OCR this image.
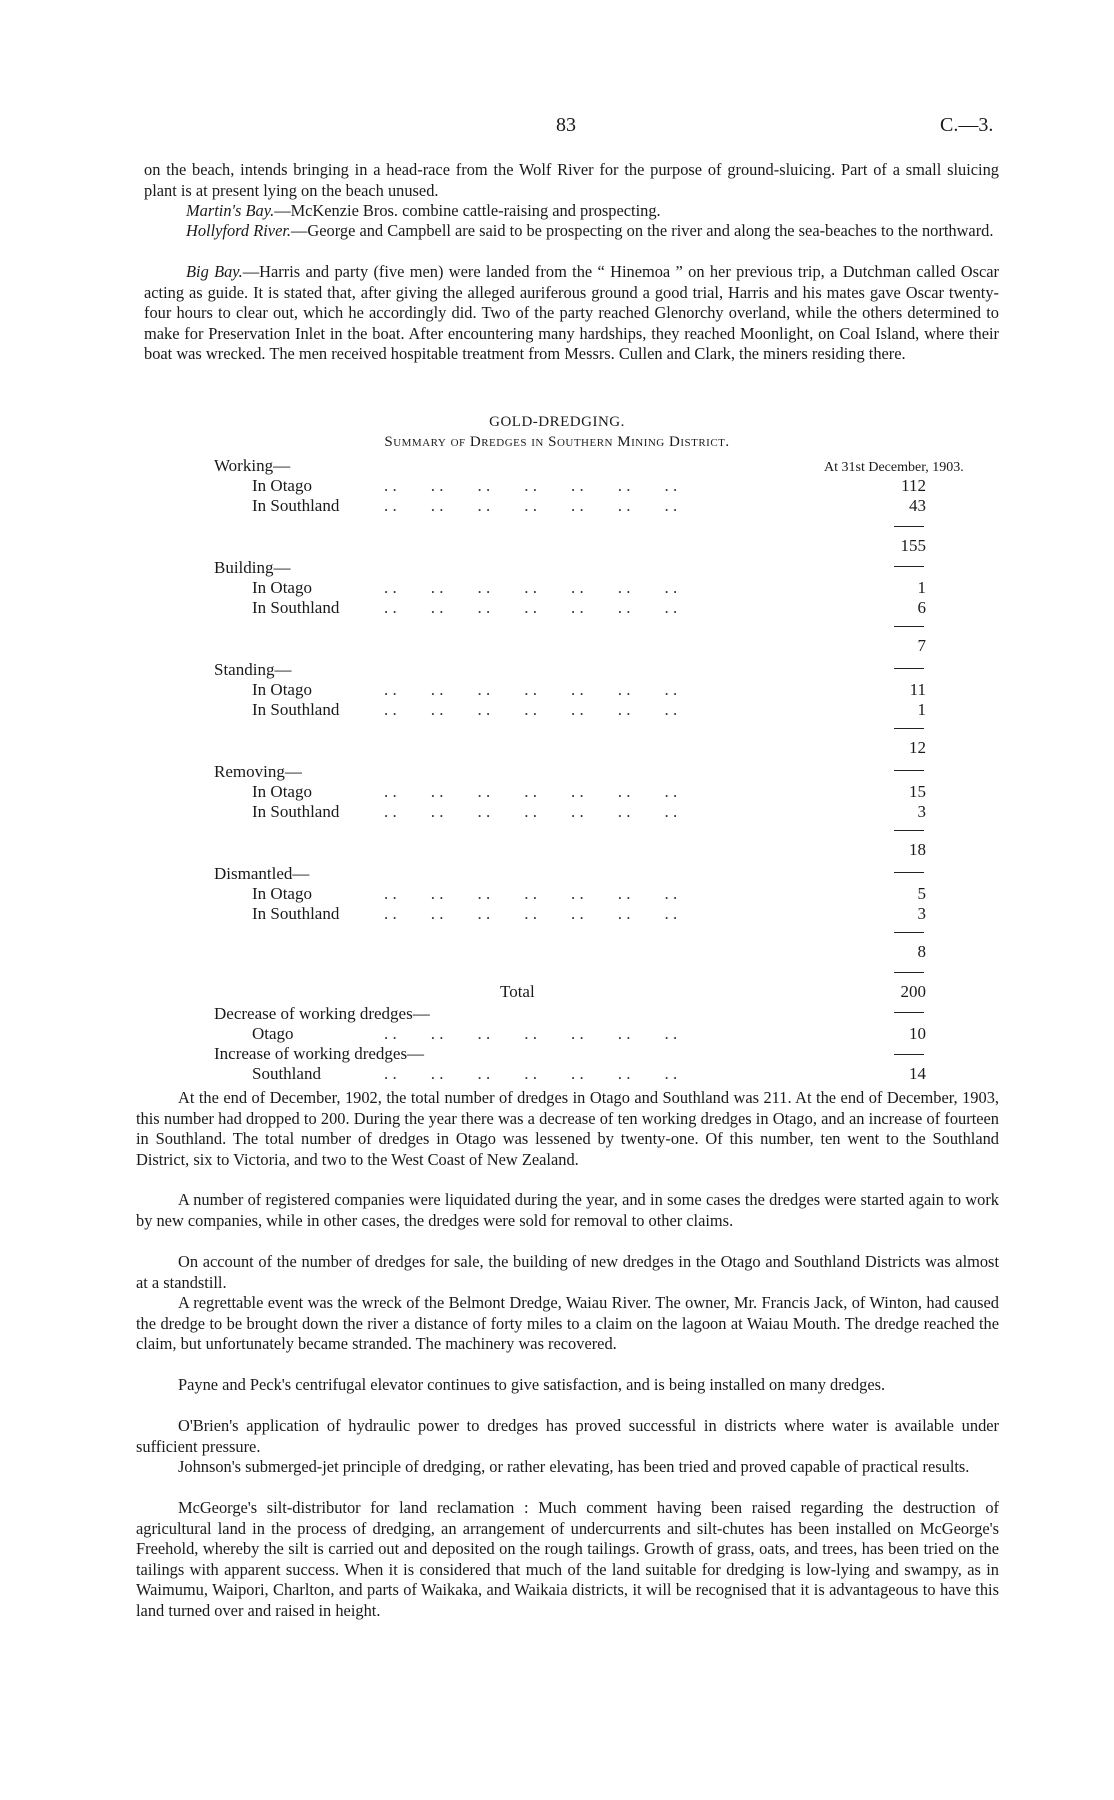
83	C.—3.

on the beach, intends bringing in a head-race from the Wolf River for the purpose of ground-sluicing. Part of a small sluicing plant is at present lying on the beach unused.

Martin's Bay.—McKenzie Bros. combine cattle-raising and prospecting.

Hollyford River.—George and Campbell are said to be prospecting on the river and along the sea-beaches to the northward.

Big Bay.—Harris and party (five men) were landed from the “ Hinemoa ” on her previous trip, a Dutchman called Oscar acting as guide. It is stated that, after giving the alleged auriferous ground a good trial, Harris and his mates gave Oscar twenty-four hours to clear out, which he accordingly did. Two of the party reached Glenorchy overland, while the others determined to make for Preservation Inlet in the boat. After encountering many hardships, they reached Moonlight, on Coal Island, where their boat was wrecked. The men received hospitable treatment from Messrs. Cullen and Clark, the miners residing there.

GOLD-DREDGING.
Summary of Dredges in Southern Mining District.
At 31st December, 1903.
Working—
In Otago	. .        . .        . .        . .        . .        . .        . .	112
In Southland	. .        . .        . .        . .        . .        . .        . .	43
155
Building—
In Otago	. .        . .        . .        . .        . .        . .        . .	1
In Southland	. .        . .        . .        . .        . .        . .        . .	6
7
Standing—
In Otago	. .        . .        . .        . .        . .        . .        . .	11
In Southland	. .        . .        . .        . .        . .        . .        . .	1
12
Removing—
In Otago	. .        . .        . .        . .        . .        . .        . .	15
In Southland	. .        . .        . .        . .        . .        . .        . .	3
18
Dismantled—
In Otago	. .        . .        . .        . .        . .        . .        . .	5
In Southland	. .        . .        . .        . .        . .        . .        . .	3
8
Total	200
Decrease of working dredges—
Otago	. .        . .        . .        . .        . .        . .        . .	10
Increase of working dredges—
Southland	. .        . .        . .        . .        . .        . .        . .	14

At the end of December, 1902, the total number of dredges in Otago and Southland was 211. At the end of December, 1903, this number had dropped to 200. During the year there was a decrease of ten working dredges in Otago, and an increase of fourteen in Southland. The total number of dredges in Otago was lessened by twenty-one. Of this number, ten went to the Southland District, six to Victoria, and two to the West Coast of New Zealand.

A number of registered companies were liquidated during the year, and in some cases the dredges were started again to work by new companies, while in other cases, the dredges were sold for removal to other claims.

On account of the number of dredges for sale, the building of new dredges in the Otago and Southland Districts was almost at a standstill.

A regrettable event was the wreck of the Belmont Dredge, Waiau River. The owner, Mr. Francis Jack, of Winton, had caused the dredge to be brought down the river a distance of forty miles to a claim on the lagoon at Waiau Mouth. The dredge reached the claim, but unfortunately became stranded. The machinery was recovered.

Payne and Peck's centrifugal elevator continues to give satisfaction, and is being installed on many dredges.

O'Brien's application of hydraulic power to dredges has proved successful in districts where water is available under sufficient pressure.

Johnson's submerged-jet principle of dredging, or rather elevating, has been tried and proved capable of practical results.

McGeorge's silt-distributor for land reclamation : Much comment having been raised regarding the destruction of agricultural land in the process of dredging, an arrangement of undercurrents and silt-chutes has been installed on McGeorge's Freehold, whereby the silt is carried out and deposited on the rough tailings. Growth of grass, oats, and trees, has been tried on the tailings with apparent success. When it is considered that much of the land suitable for dredging is low-lying and swampy, as in Waimumu, Waipori, Charlton, and parts of Waikaka, and Waikaia districts, it will be recognised that it is advantageous to have this land turned over and raised in height.
